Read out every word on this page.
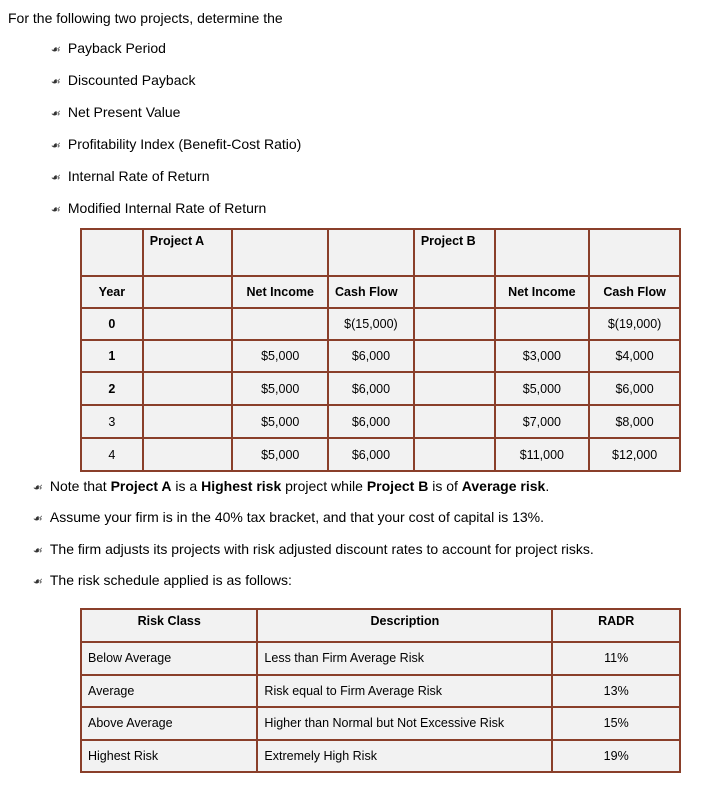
For the following two projects, determine the
☙ Payback Period
☙ Discounted Payback
☙ Net Present Value
☙ Profitability Index (Benefit-Cost Ratio)
☙ Internal Rate of Return
☙ Modified Internal Rate of Return
	Project A			Project B		
Year		Net Income	Cash Flow		Net Income	Cash Flow
0			$(15,000)			$(19,000)
1		$5,000	$6,000		$3,000	$4,000
2		$5,000	$6,000		$5,000	$6,000
3		$5,000	$6,000		$7,000	$8,000
4		$5,000	$6,000		$11,000	$12,000
☙ Note that Project A is a Highest risk project while Project B is of Average risk.
☙ Assume your firm is in the 40% tax bracket, and that your cost of capital is 13%.
☙ The firm adjusts its projects with risk adjusted discount rates to account for project risks.
☙ The risk schedule applied is as follows:
Risk Class	Description	RADR
Below Average	Less than Firm Average Risk	11%
Average	Risk equal to Firm Average Risk	13%
Above Average	Higher than Normal but Not Excessive Risk	15%
Highest Risk	Extremely High Risk	19%
